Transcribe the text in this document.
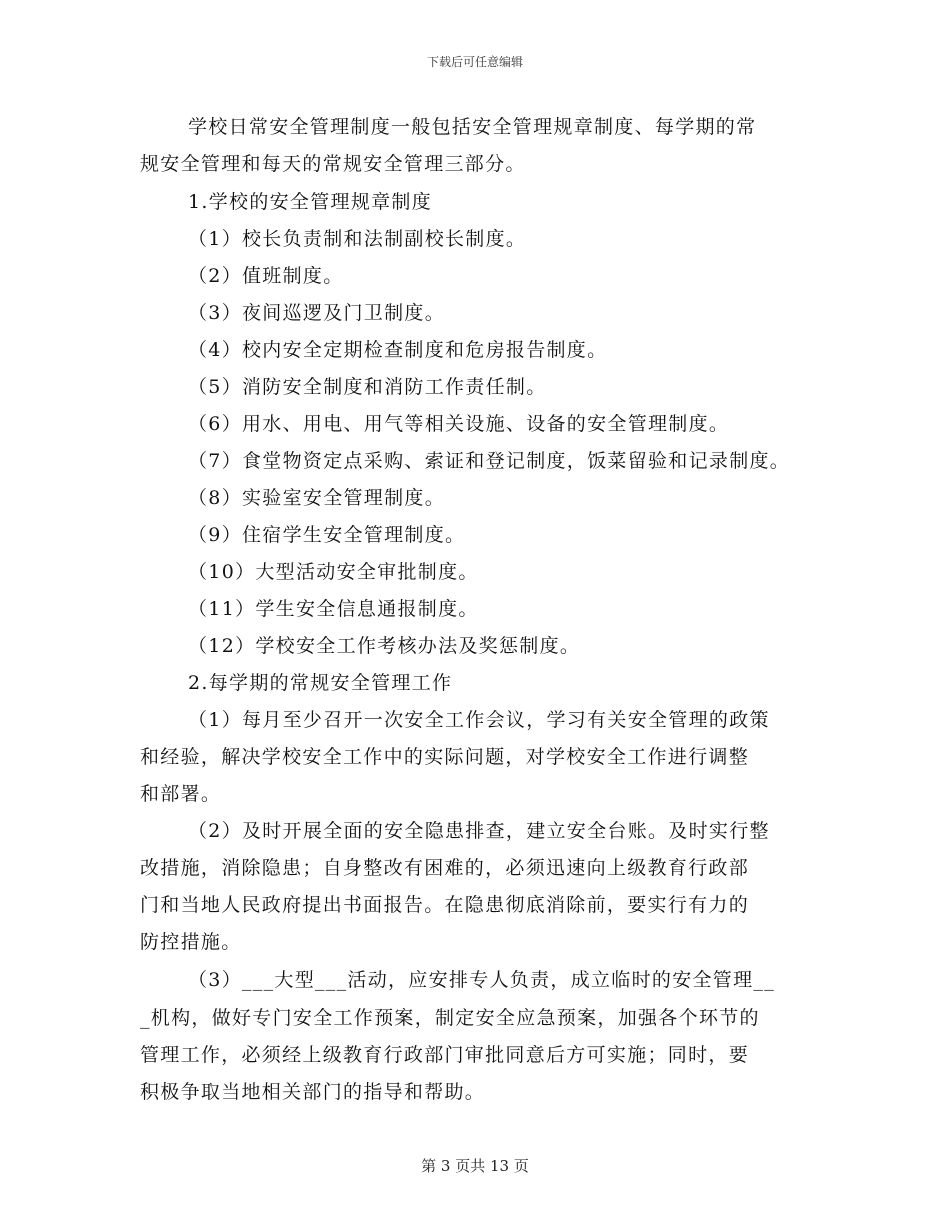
下载后可任意编辑
学校日常安全管理制度一般包括安全管理规章制度、每学期的常
规安全管理和每天的常规安全管理三部分。
1.学校的安全管理规章制度
（1）校长负责制和法制副校长制度。
（2）值班制度。
（3）夜间巡逻及门卫制度。
（4）校内安全定期检查制度和危房报告制度。
（5）消防安全制度和消防工作责任制。
（6）用水、用电、用气等相关设施、设备的安全管理制度。
（7）食堂物资定点采购、索证和登记制度，饭菜留验和记录制度。
（8）实验室安全管理制度。
（9）住宿学生安全管理制度。
（10）大型活动安全审批制度。
（11）学生安全信息通报制度。
（12）学校安全工作考核办法及奖惩制度。
2.每学期的常规安全管理工作
（1）每月至少召开一次安全工作会议，学习有关安全管理的政策
和经验，解决学校安全工作中的实际问题，对学校安全工作进行调整
和部署。
（2）及时开展全面的安全隐患排查，建立安全台账。及时实行整
改措施，消除隐患；自身整改有困难的，必须迅速向上级教育行政部
门和当地人民政府提出书面报告。在隐患彻底消除前，要实行有力的
防控措施。
（3）___大型___活动，应安排专人负责，成立临时的安全管理__
_机构，做好专门安全工作预案，制定安全应急预案，加强各个环节的
管理工作，必须经上级教育行政部门审批同意后方可实施；同时，要
积极争取当地相关部门的指导和帮助。
第 3 页共 13 页
